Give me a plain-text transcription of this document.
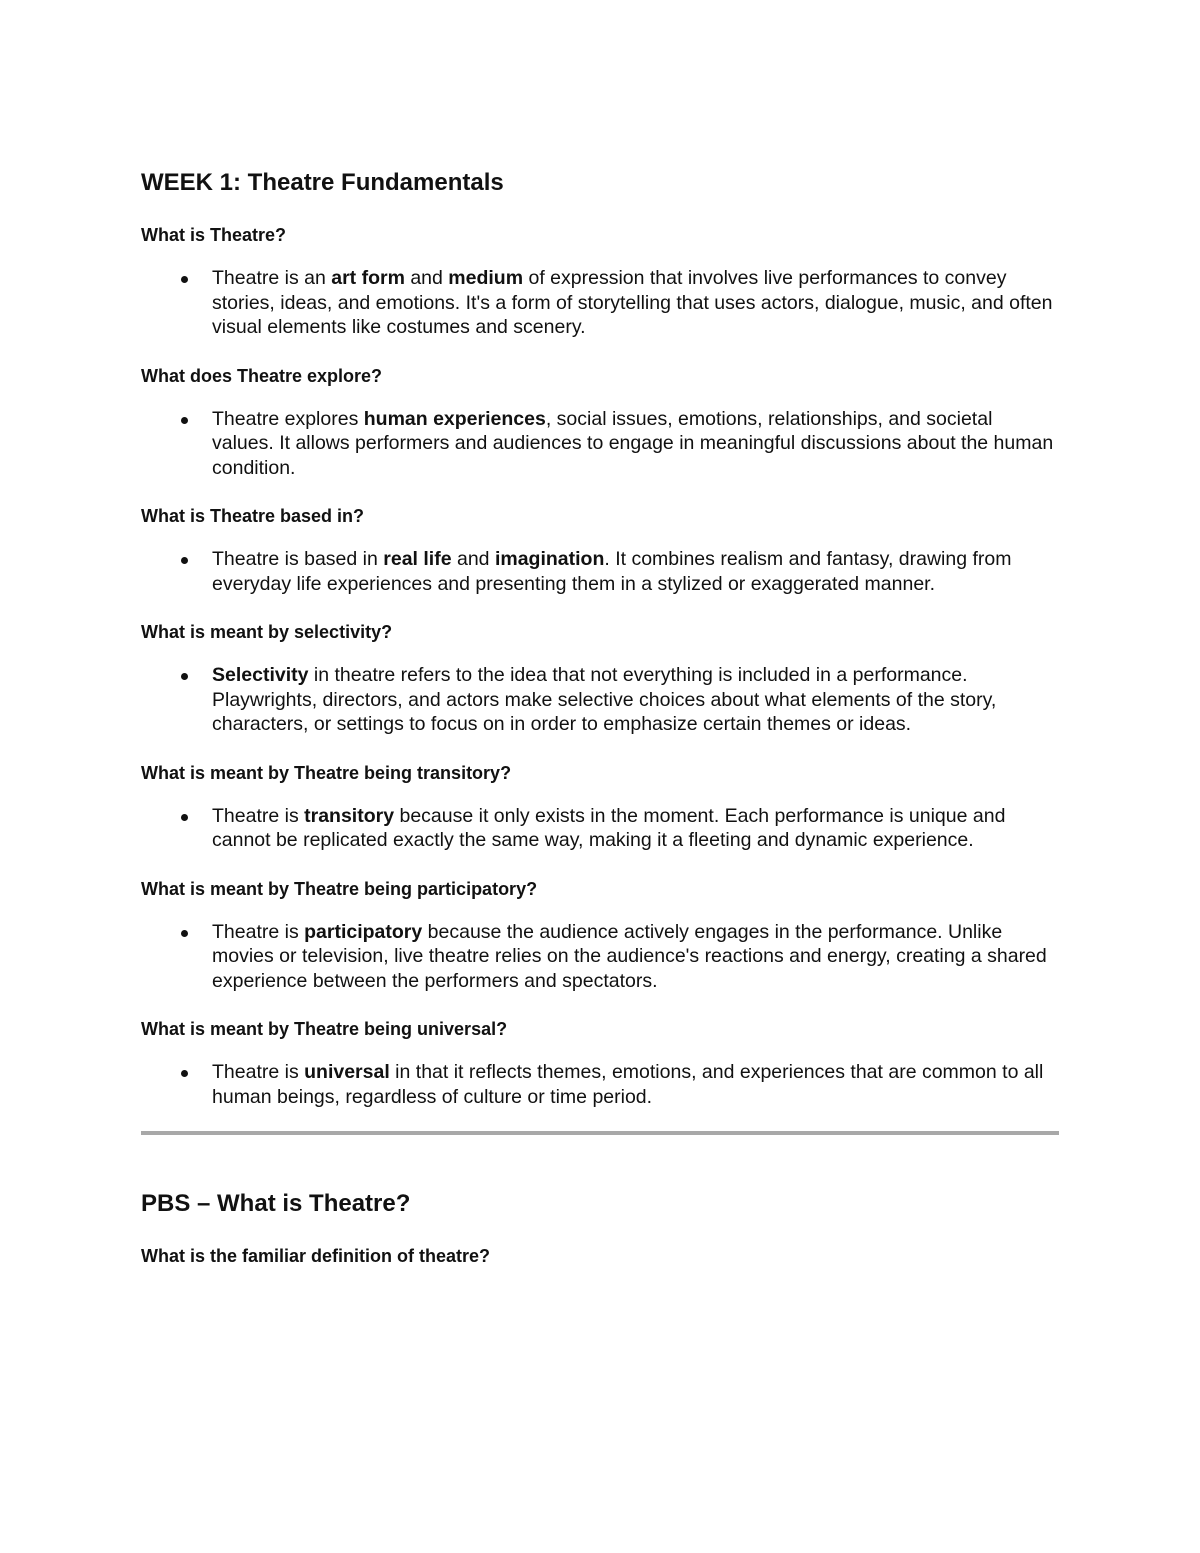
WEEK 1: Theatre Fundamentals
What is Theatre?
Theatre is an art form and medium of expression that involves live performances to convey stories, ideas, and emotions. It's a form of storytelling that uses actors, dialogue, music, and often visual elements like costumes and scenery.
What does Theatre explore?
Theatre explores human experiences, social issues, emotions, relationships, and societal values. It allows performers and audiences to engage in meaningful discussions about the human condition.
What is Theatre based in?
Theatre is based in real life and imagination. It combines realism and fantasy, drawing from everyday life experiences and presenting them in a stylized or exaggerated manner.
What is meant by selectivity?
Selectivity in theatre refers to the idea that not everything is included in a performance. Playwrights, directors, and actors make selective choices about what elements of the story, characters, or settings to focus on in order to emphasize certain themes or ideas.
What is meant by Theatre being transitory?
Theatre is transitory because it only exists in the moment. Each performance is unique and cannot be replicated exactly the same way, making it a fleeting and dynamic experience.
What is meant by Theatre being participatory?
Theatre is participatory because the audience actively engages in the performance. Unlike movies or television, live theatre relies on the audience's reactions and energy, creating a shared experience between the performers and spectators.
What is meant by Theatre being universal?
Theatre is universal in that it reflects themes, emotions, and experiences that are common to all human beings, regardless of culture or time period.
PBS – What is Theatre?
What is the familiar definition of theatre?
